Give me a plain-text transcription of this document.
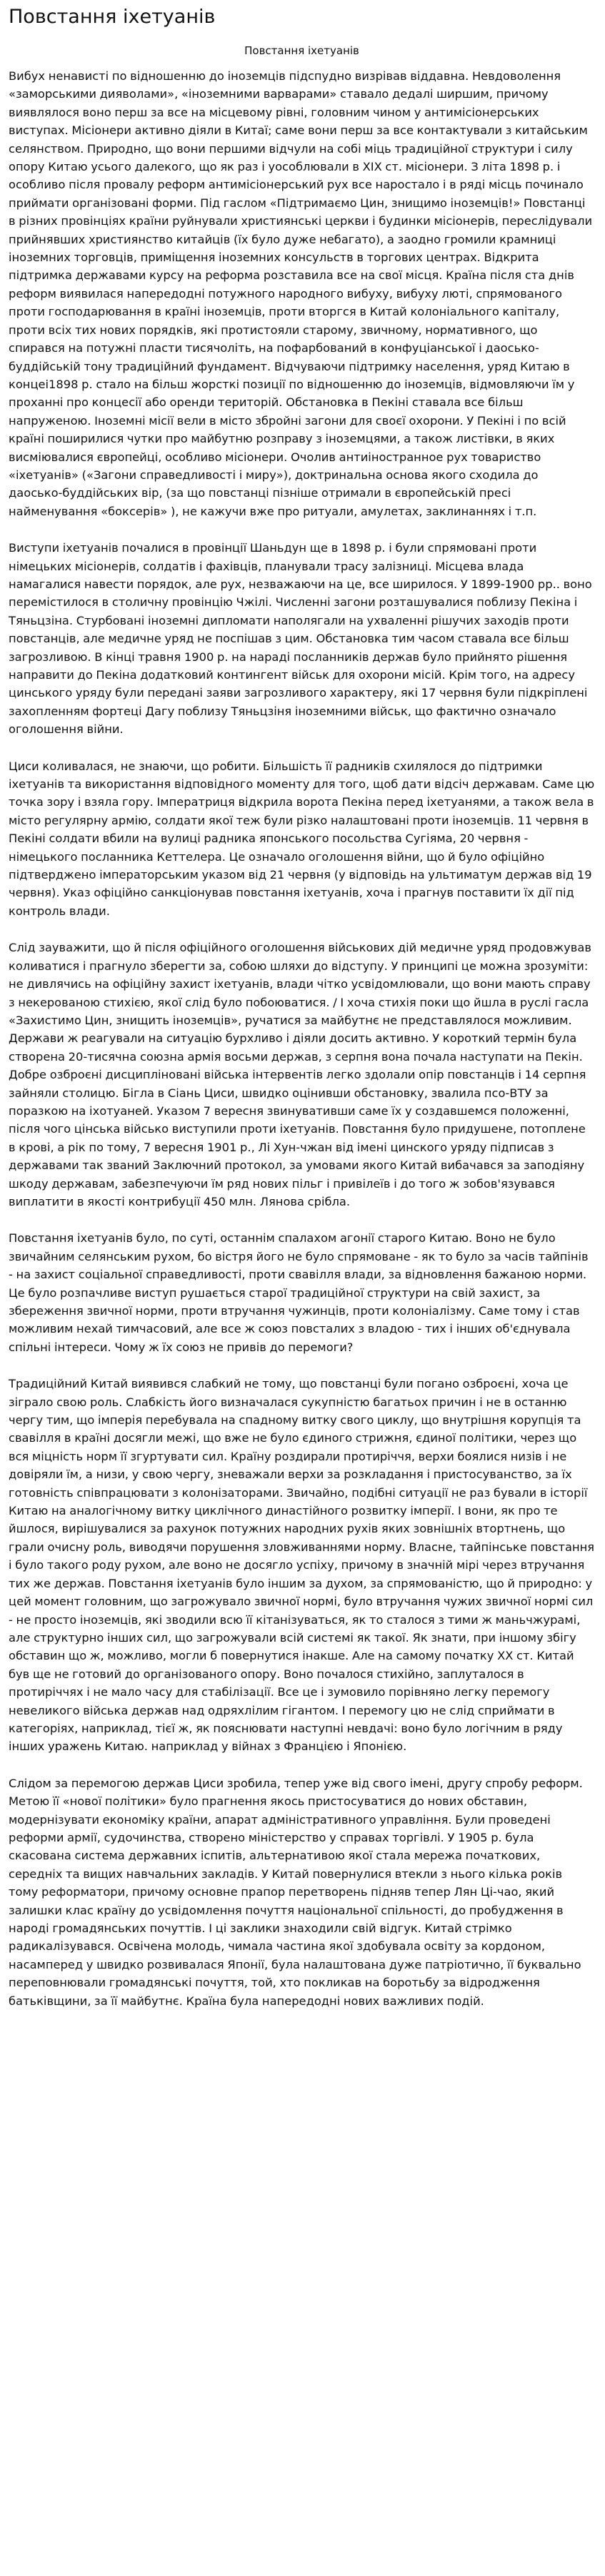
Повстання іхетуанів
Повстання іхетуанів

Вибух ненависті по відношенню до іноземців підспудно визрівав віддавна. Невдоволення «заморськими дияволами», «іноземними варварами» ставало дедалі ширшим, причому виявлялося воно перш за все на місцевому рівні, головним чином у антимісіонерських виступах. Місіонери активно діяли в Китаї; саме вони перш за все контактували з китайським селянством. Природно, що вони першими відчули на собі міць традиційної структури і силу опору Китаю усього далекого, що як раз і уособлювали в XIX ст. місіонери. З літа 1898 р. і особливо після провалу реформ антимісіонерський рух все наростало і в ряді місць починало приймати організовані форми. Під гаслом «Підтримаємо Цин, знищимо іноземців!» Повстанці в різних провінціях країни руйнували християнські церкви і будинки місіонерів, переслідували прийнявших християнство китайців (їх було дуже небагато), а заодно громили крамниці іноземних торговців, приміщення іноземних консульств в торгових центрах. Відкрита підтримка державами курсу на реформа розставила все на свої місця. Країна після ста днів реформ виявилася напередодні потужного народного вибуху, вибуху люті, спрямованого проти господарювання в країні іноземців, проти вторгся в Китай колоніального капіталу, проти всіх тих нових порядків, які протистояли старому, звичному, нормативного, що спирався на потужні пласти тисячоліть, на пофарбований в конфуціанської і даосько-буддійській тону традиційний фундамент. Відчуваючи підтримку населення, уряд Китаю в концеi1898 р. стало на більш жорсткі позиції по відношенню до іноземців, відмовляючи їм у проханні про концесії або оренди територій. Обстановка в Пекіні ставала все більш напруженою. Іноземні місії вели в місто збройні загони для своєї охорони. У Пекіні і по всій країні поширилися чутки про майбутню розправу з іноземцями, а також листівки, в яких висміювалися європейці, особливо місіонери. Очолив антиіностранное рух товариство «іхетуанів» («Загони справедливості і миру»), доктринальна основа якого сходила до даосько-буддійських вір, (за що повстанці пізніше отримали в європейській пресі найменування «боксерів» ), не кажучи вже про ритуали, амулетах, заклинаннях і т.п.

Виступи іхетуанів почалися в провінції Шаньдун ще в 1898 р. і були спрямовані проти німецьких місіонерів, солдатів і фахівців, планували трасу залізниці. Місцева влада намагалися навести порядок, але рух, незважаючи на це, все ширилося. У 1899-1900 рр.. воно перемістилося в столичну провінцію Чжілі. Численні загони розташувалися поблизу Пекіна і Тяньцзіна. Стурбовані іноземні дипломати наполягали на ухваленні рішучих заходів проти повстанців, але медичне уряд не поспішав з цим. Обстановка тим часом ставала все більш загрозливою. В кінці травня 1900 р. на нараді посланників держав було прийнято рішення направити до Пекіна додатковий контингент військ для охорони місій. Крім того, на адресу цинського уряду були передані заяви загрозливого характеру, які 17 червня були підкріплені захопленням фортеці Дагу поблизу Тяньцзіня іноземними військ, що фактично означало оголошення війни.

Циси коливалася, не знаючи, що робити. Більшість її радників схилялося до підтримки іхетуанів та використання відповідного моменту для того, щоб дати відсіч державам. Саме цю точка зору і взяла гору. Імператриця відкрила ворота Пекіна перед іхетуанями, а також вела в місто регулярну армію, солдати якої теж були різко налаштовані проти іноземців. 11 червня в Пекіні солдати вбили на вулиці радника японського посольства Сугіяма, 20 червня - німецького посланника Кеттелера. Це означало оголошення війни, що й було офіційно підтверджено імператорським указом від 21 червня (у відповідь на ультиматум держав від 19 червня). Указ офіційно санкціонував повстання іхетуанів, хоча і прагнув поставити їх дії під контроль влади.

Слід зауважити, що й після офіційного оголошення військових дій медичне уряд продовжував коливатися і прагнуло зберегти за, собою шляхи до відступу. У принципі це можна зрозуміти: не дивлячись на офіційну захист іхетуанів, влади чітко усвідомлювали, що вони мають справу з некерованою стихією, якої слід було побоюватися. / І хоча стихія поки що йшла в руслі гасла «Захистимо Цин, знищить іноземців», ручатися за майбутнє не представлялося можливим. Держави ж реагували на ситуацію бурхливо і діяли досить активно. У короткий термін була створена 20-тисячна союзна армія восьми держав, з серпня вона почала наступати на Пекін. Добре озброєні дисципліновані війська інтервентів легко здолали опір повстанців і 14 серпня зайняли столицю. Бігла в Сіань Циси, швидко оцінивши обстановку, звалила псо-ВТУ за поразкою на іхотуаней. Указом 7 вересня звинувативши саме їх у создавшемся положенні, після чого цінська військо виступили проти іхетуанів. Повстання було придушене, потоплене в крові, а рік по тому, 7 вересня 1901 р., Лі Хун-чжан від імені цинского уряду підписав з державами так званий Заключний протокол, за умовами якого Китай вибачався за заподіяну шкоду державам, забезпечуючи їм ряд нових пільг і привілеїв і до того ж зобов'язувався виплатити в якості контрибуції 450 млн. Лянова срібла.

Повстання іхетуанів було, по суті, останнім спалахом агонії старого Китаю. Воно не було звичайним селянським рухом, бо вістря його не було спрямоване - як то було за часів тайпінів - на захист соціальної справедливості, проти свавілля влади, за відновлення бажаною норми. Це було розпачливе виступ рушається старої традиційної структури на свій захист, за збереження звичної норми, проти втручання чужинців, проти колоніалізму. Саме тому і став можливим нехай тимчасовий, але все ж союз повсталих з владою - тих і інших об'єднувала спільні інтереси. Чому ж їх союз не привів до перемоги?

Традиційний Китай виявився слабкий не тому, що повстанці були погано озброєні, хоча це зіграло свою роль. Слабкість його визначалася сукупністю багатьох причин і не в останню чергу тим, що імперія перебувала на спадному витку свого циклу, що внутрішня корупція та свавілля в країні досягли межі, що вже не було єдиного стрижня, єдиної політики, через що вся міцність норм її згуртувати сил. Країну роздирали протиріччя, верхи боялися низів і не довіряли їм, а низи, у свою чергу, зневажали верхи за розкладання і пристосуванство, за їх готовність співпрацювати з колонізаторами. Звичайно, подібні ситуації не раз бували в історії Китаю на аналогічному витку циклічного династійного розвитку імперії. І вони, як про те йшлося, вирішувалися за рахунок потужних народних рухів яких зовнішніх втортнень, що грали очисну роль, виводячи порушення зловживаннями норму. Власне, тайпінське повстання і було такого роду рухом, але воно не досягло успіху, причому в значній мірі через втручання тих же держав. Повстання іхетуанів було іншим за духом, за спрямованістю, що й природно: у цей момент головним, що загрожувало звичної нормі, було втручання чужих звичної нормі сил - не просто іноземців, які зводили всю її кітанізуваться, як то сталося з тими ж маньчжурамі, але структурно інших сил, що загрожували всій системі як такої. Як знати, при іншому збігу обставин що ж, можливо, могли б повернутися інакше. Але на самому початку XX ст. Китай був ще не готовий до організованого опору. Воно почалося стихійно, заплуталося в протиріччях і не мало часу для стабілізації. Все це і зумовило порівняно легку перемогу невеликого війська держав над одряхлілим гігантом. І перемогу цю не слід сприймати в категоріях, наприклад, тієї ж, як пояснювати наступні невдачі: воно було логічним в ряду інших уражень Китаю. наприклад у війнах з Францією і Японією.

Слідом за перемогою держав Циси зробила, тепер уже від свого імені, другу спробу реформ. Метою її «нової політики» було прагнення якось пристосуватися до нових обставин, модернізувати економіку країни, апарат адміністративного управління. Були проведені реформи армії, судочинства, створено міністерство у справах торгівлі. У 1905 р. була скасована система державних іспитів, альтернативою якої стала мережа початкових, середніх та вищих навчальних закладів. У Китай повернулися втекли з нього кілька років тому реформатори, причому основне прапор перетворень підняв тепер Лян Ці-чао, який залишки клас країну до усвідомлення почуття національної спільності, до пробудження в народі громадянських почуттів. І ці заклики знаходили свій відгук. Китай стрімко радикалізувався. Освічена молодь, чимала частина якої здобувала освіту за кордоном, насамперед у швидко розвивалася Японії, була налаштована дуже патріотично, її буквально переповнювали громадянські почуття, той, хто покликав на боротьбу за відродження батьківщини, за її майбутнє. Країна була напередодні нових важливих подій.
